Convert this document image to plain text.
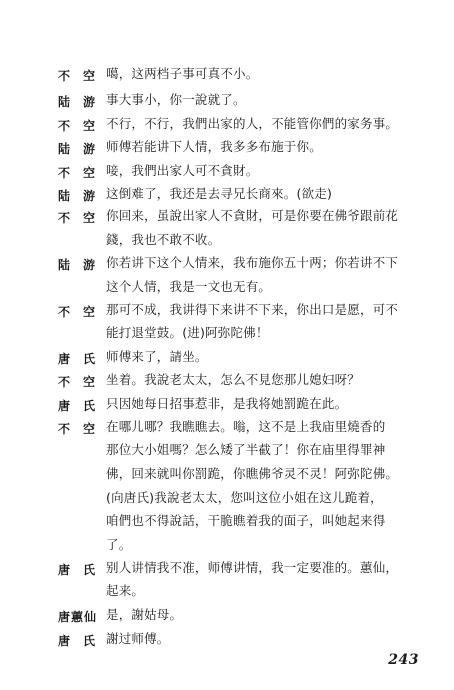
不空
噶，这两档子事可真不小。
陆游
事大事小，你一說就了。
不空
不行，不行，我們出家的人，不能管你們的家务事。
陆游
师傅若能讲下人情，我多多布施于你。
不空
唼，我們出家人可不貪財。
陆游
这倒难了，我还是去寻兄长商來。(欲走)
不空
你回来，虽說出家人不貪財，可是你要在佛爷跟前花
錢，我也不敢不收。
陆游
你若讲下这个人情来，我布施你五十两；你若讲不下
这个人情，我是一文也无有。
不空
那可不成，我讲得下来讲不下来，你出口是愿，可不
能打退堂鼓。(进)阿弥陀佛！
唐氏
师傅来了，請坐。
不空
坐着。我說老太太，怎么不見您那儿媳妇呀？
唐氏
只因她每日招事惹非，是我将她罰跪在此。
不空
在哪儿哪？我瞧瞧去。嗡，这不是上我庙里燒香的
那位大小姐嗎？怎么矮了半截了！你在庙里得罪神
佛，回来就叫你罰跪，你瞧佛爷灵不灵！阿弥陀佛。
(向唐氏)我說老太太，您叫这位小姐在这儿跪着，
咱們也不得說話，干脆瞧着我的面子，叫她起来得
了。
唐氏
别人讲情我不准，师傅讲情，我一定要准的。蕙仙，
起来。
唐蕙仙 是，謝姑母。
唐氏
謝过师傅。
243
